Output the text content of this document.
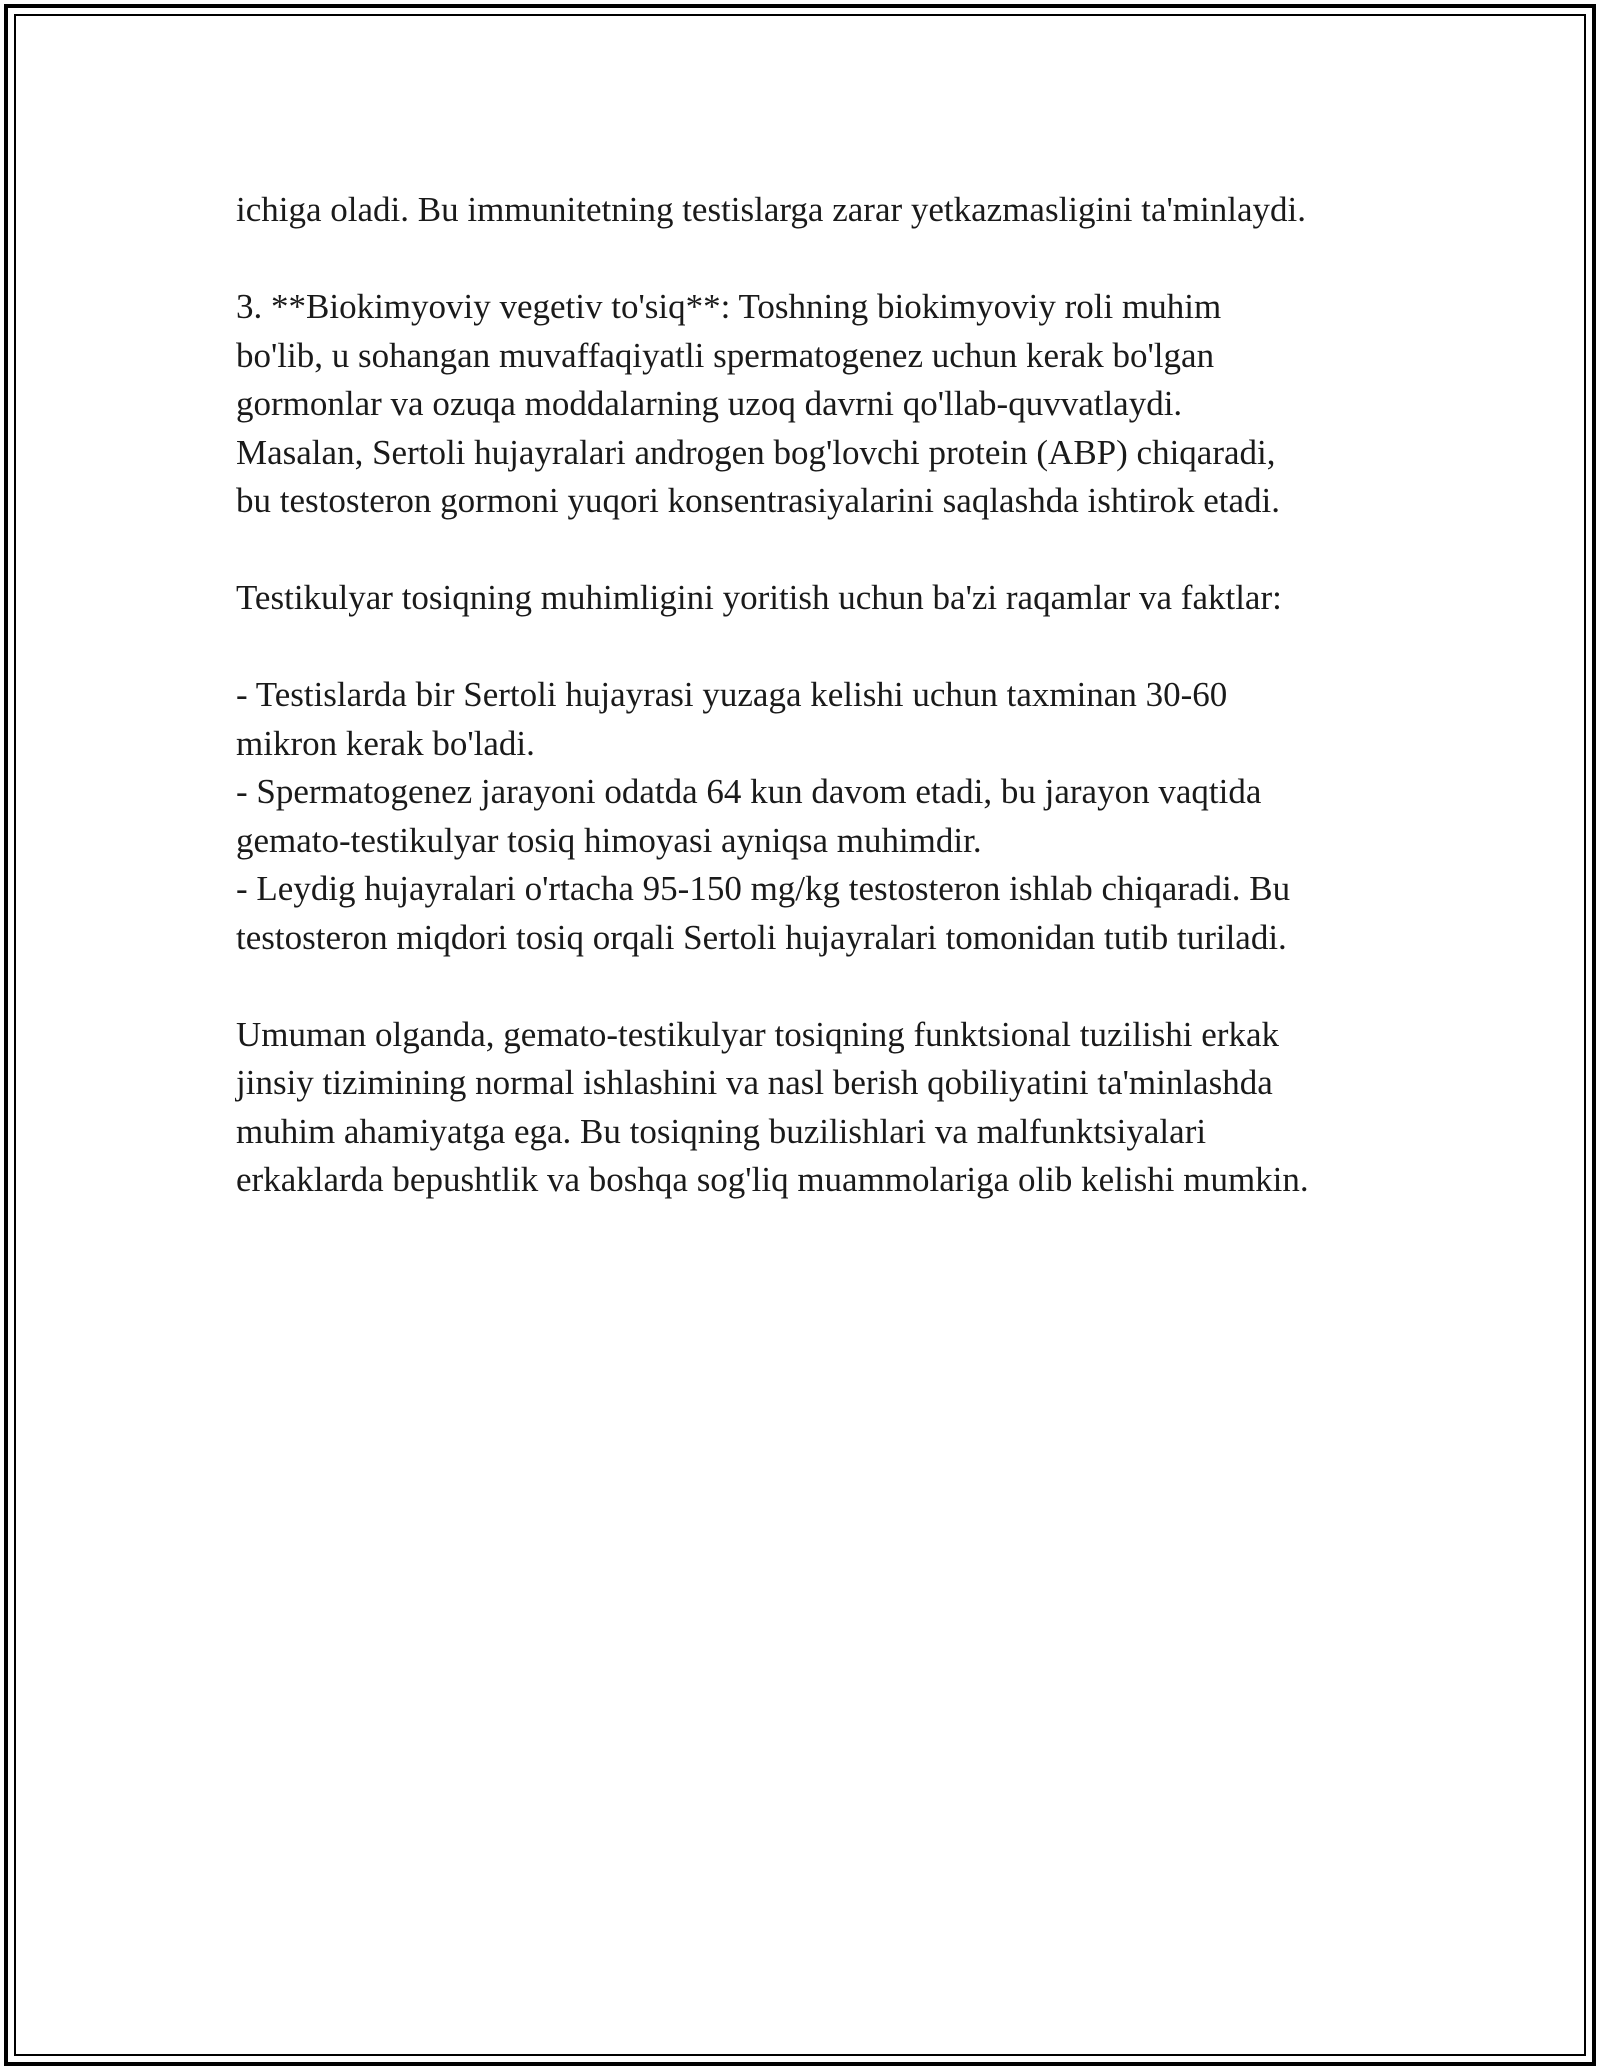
ichiga oladi. Bu immunitetning testislarga zarar yetkazmasligini ta'minlaydi.

3. **Biokimyoviy vegetiv to'siq**: Toshning biokimyoviy roli muhim
bo'lib, u sohangan muvaffaqiyatli spermatogenez uchun kerak bo'lgan
gormonlar va ozuqa moddalarning uzoq davrni qo'llab-quvvatlaydi.
Masalan, Sertoli hujayralari androgen bog'lovchi protein (ABP) chiqaradi,
bu testosteron gormoni yuqori konsentrasiyalarini saqlashda ishtirok etadi.

Testikulyar tosiqning muhimligini yoritish uchun ba'zi raqamlar va faktlar:

- Testislarda bir Sertoli hujayrasi yuzaga kelishi uchun taxminan 30-60
mikron kerak bo'ladi.
- Spermatogenez jarayoni odatda 64 kun davom etadi, bu jarayon vaqtida
gemato-testikulyar tosiq himoyasi ayniqsa muhimdir.
- Leydig hujayralari o'rtacha 95-150 mg/kg testosteron ishlab chiqaradi. Bu
testosteron miqdori tosiq orqali Sertoli hujayralari tomonidan tutib turiladi.

Umuman olganda, gemato-testikulyar tosiqning funktsional tuzilishi erkak
jinsiy tizimining normal ishlashini va nasl berish qobiliyatini ta'minlashda
muhim ahamiyatga ega. Bu tosiqning buzilishlari va malfunktsiyalari
erkaklarda bepushtlik va boshqa sog'liq muammolariga olib kelishi mumkin.
